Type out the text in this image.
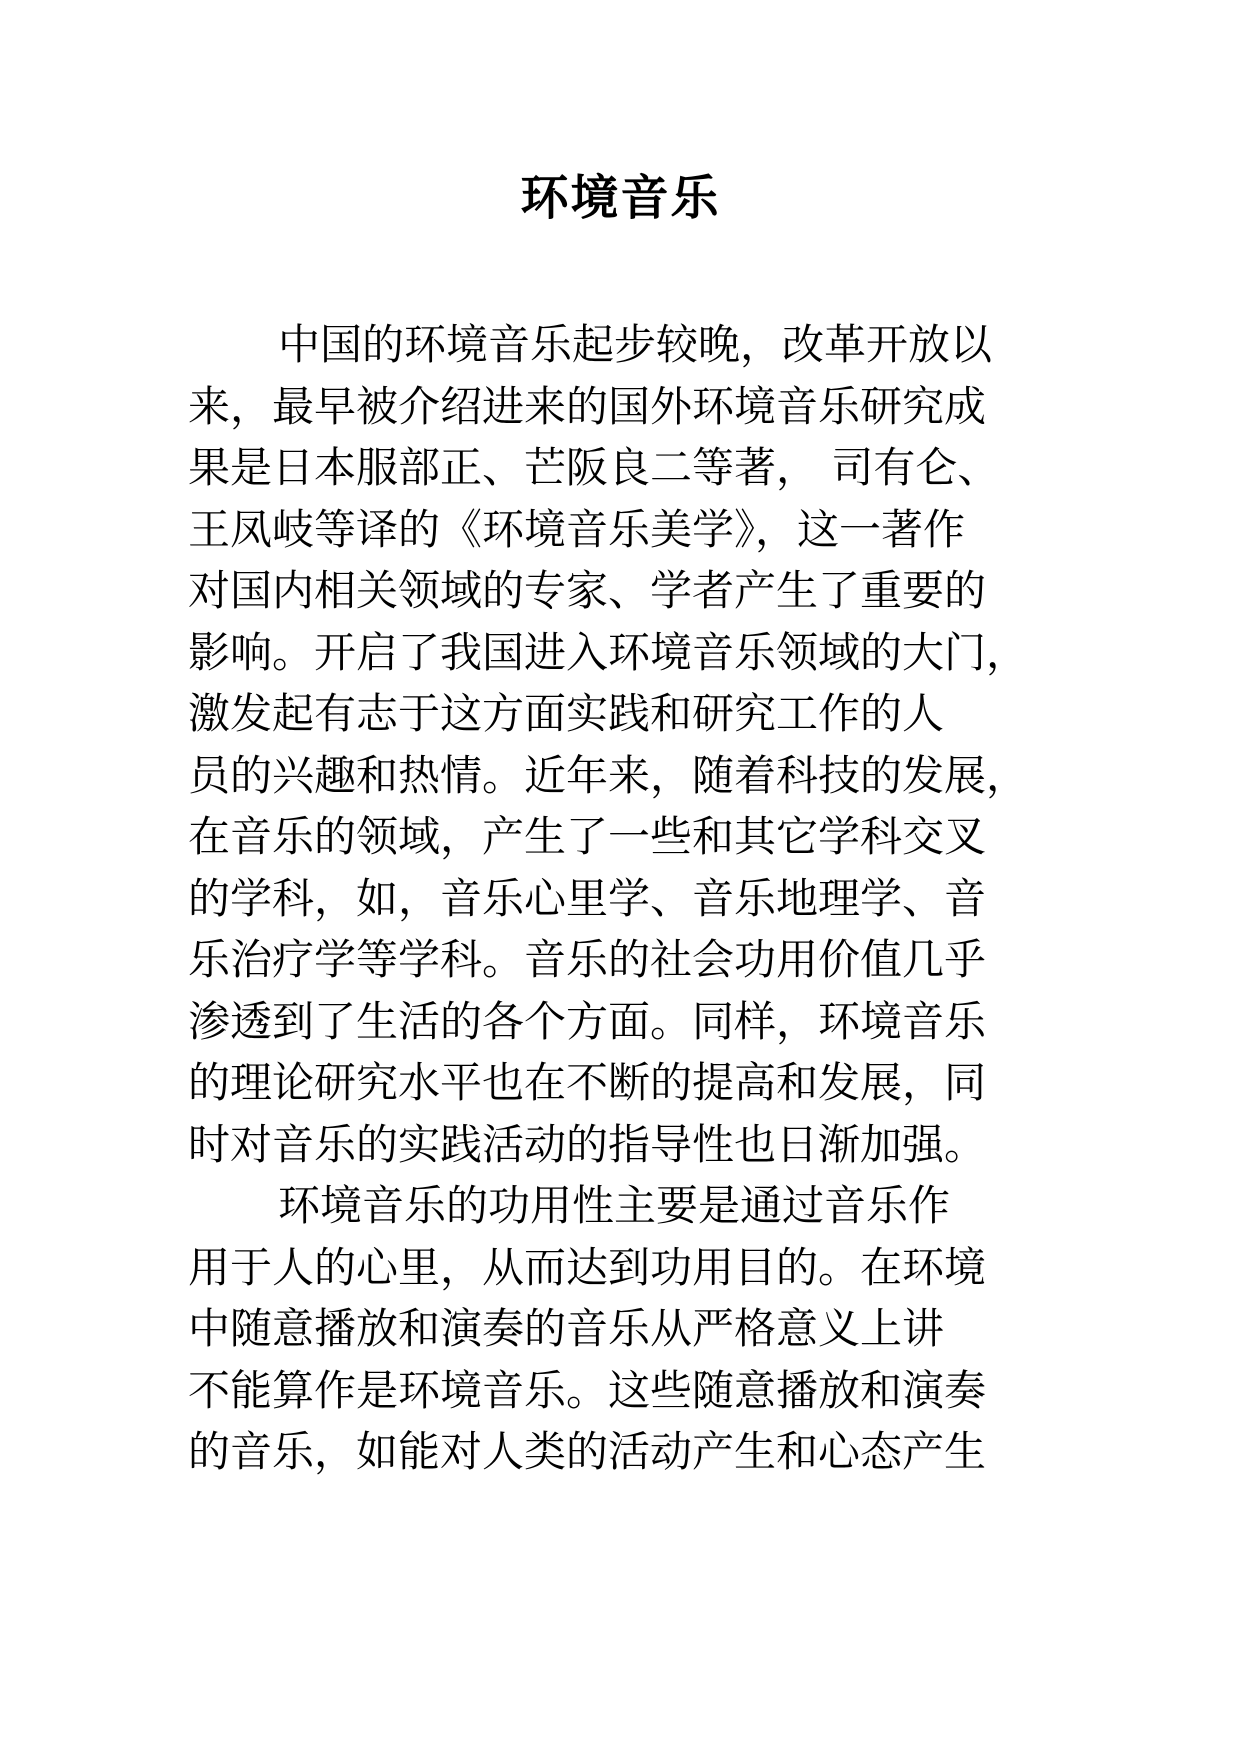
环境音乐
中国的环境音乐起步较晚，改革开放以
来，最早被介绍进来的国外环境音乐研究成
果是日本服部正、芒阪良二等著， 司有仑、
王凤岐等译的《环境音乐美学》，这一著作
对国内相关领域的专家、学者产生了重要的
影响。开启了我国进入环境音乐领域的大门，
激发起有志于这方面实践和研究工作的人
员的兴趣和热情。近年来，随着科技的发展，
在音乐的领域，产生了一些和其它学科交叉
的学科，如，音乐心里学、音乐地理学、音
乐治疗学等学科。音乐的社会功用价值几乎
渗透到了生活的各个方面。同样，环境音乐
的理论研究水平也在不断的提高和发展，同
时对音乐的实践活动的指导性也日渐加强。
环境音乐的功用性主要是通过音乐作
用于人的心里，从而达到功用目的。在环境
中随意播放和演奏的音乐从严格意义上讲
不能算作是环境音乐。这些随意播放和演奏
的音乐，如能对人类的活动产生和心态产生
